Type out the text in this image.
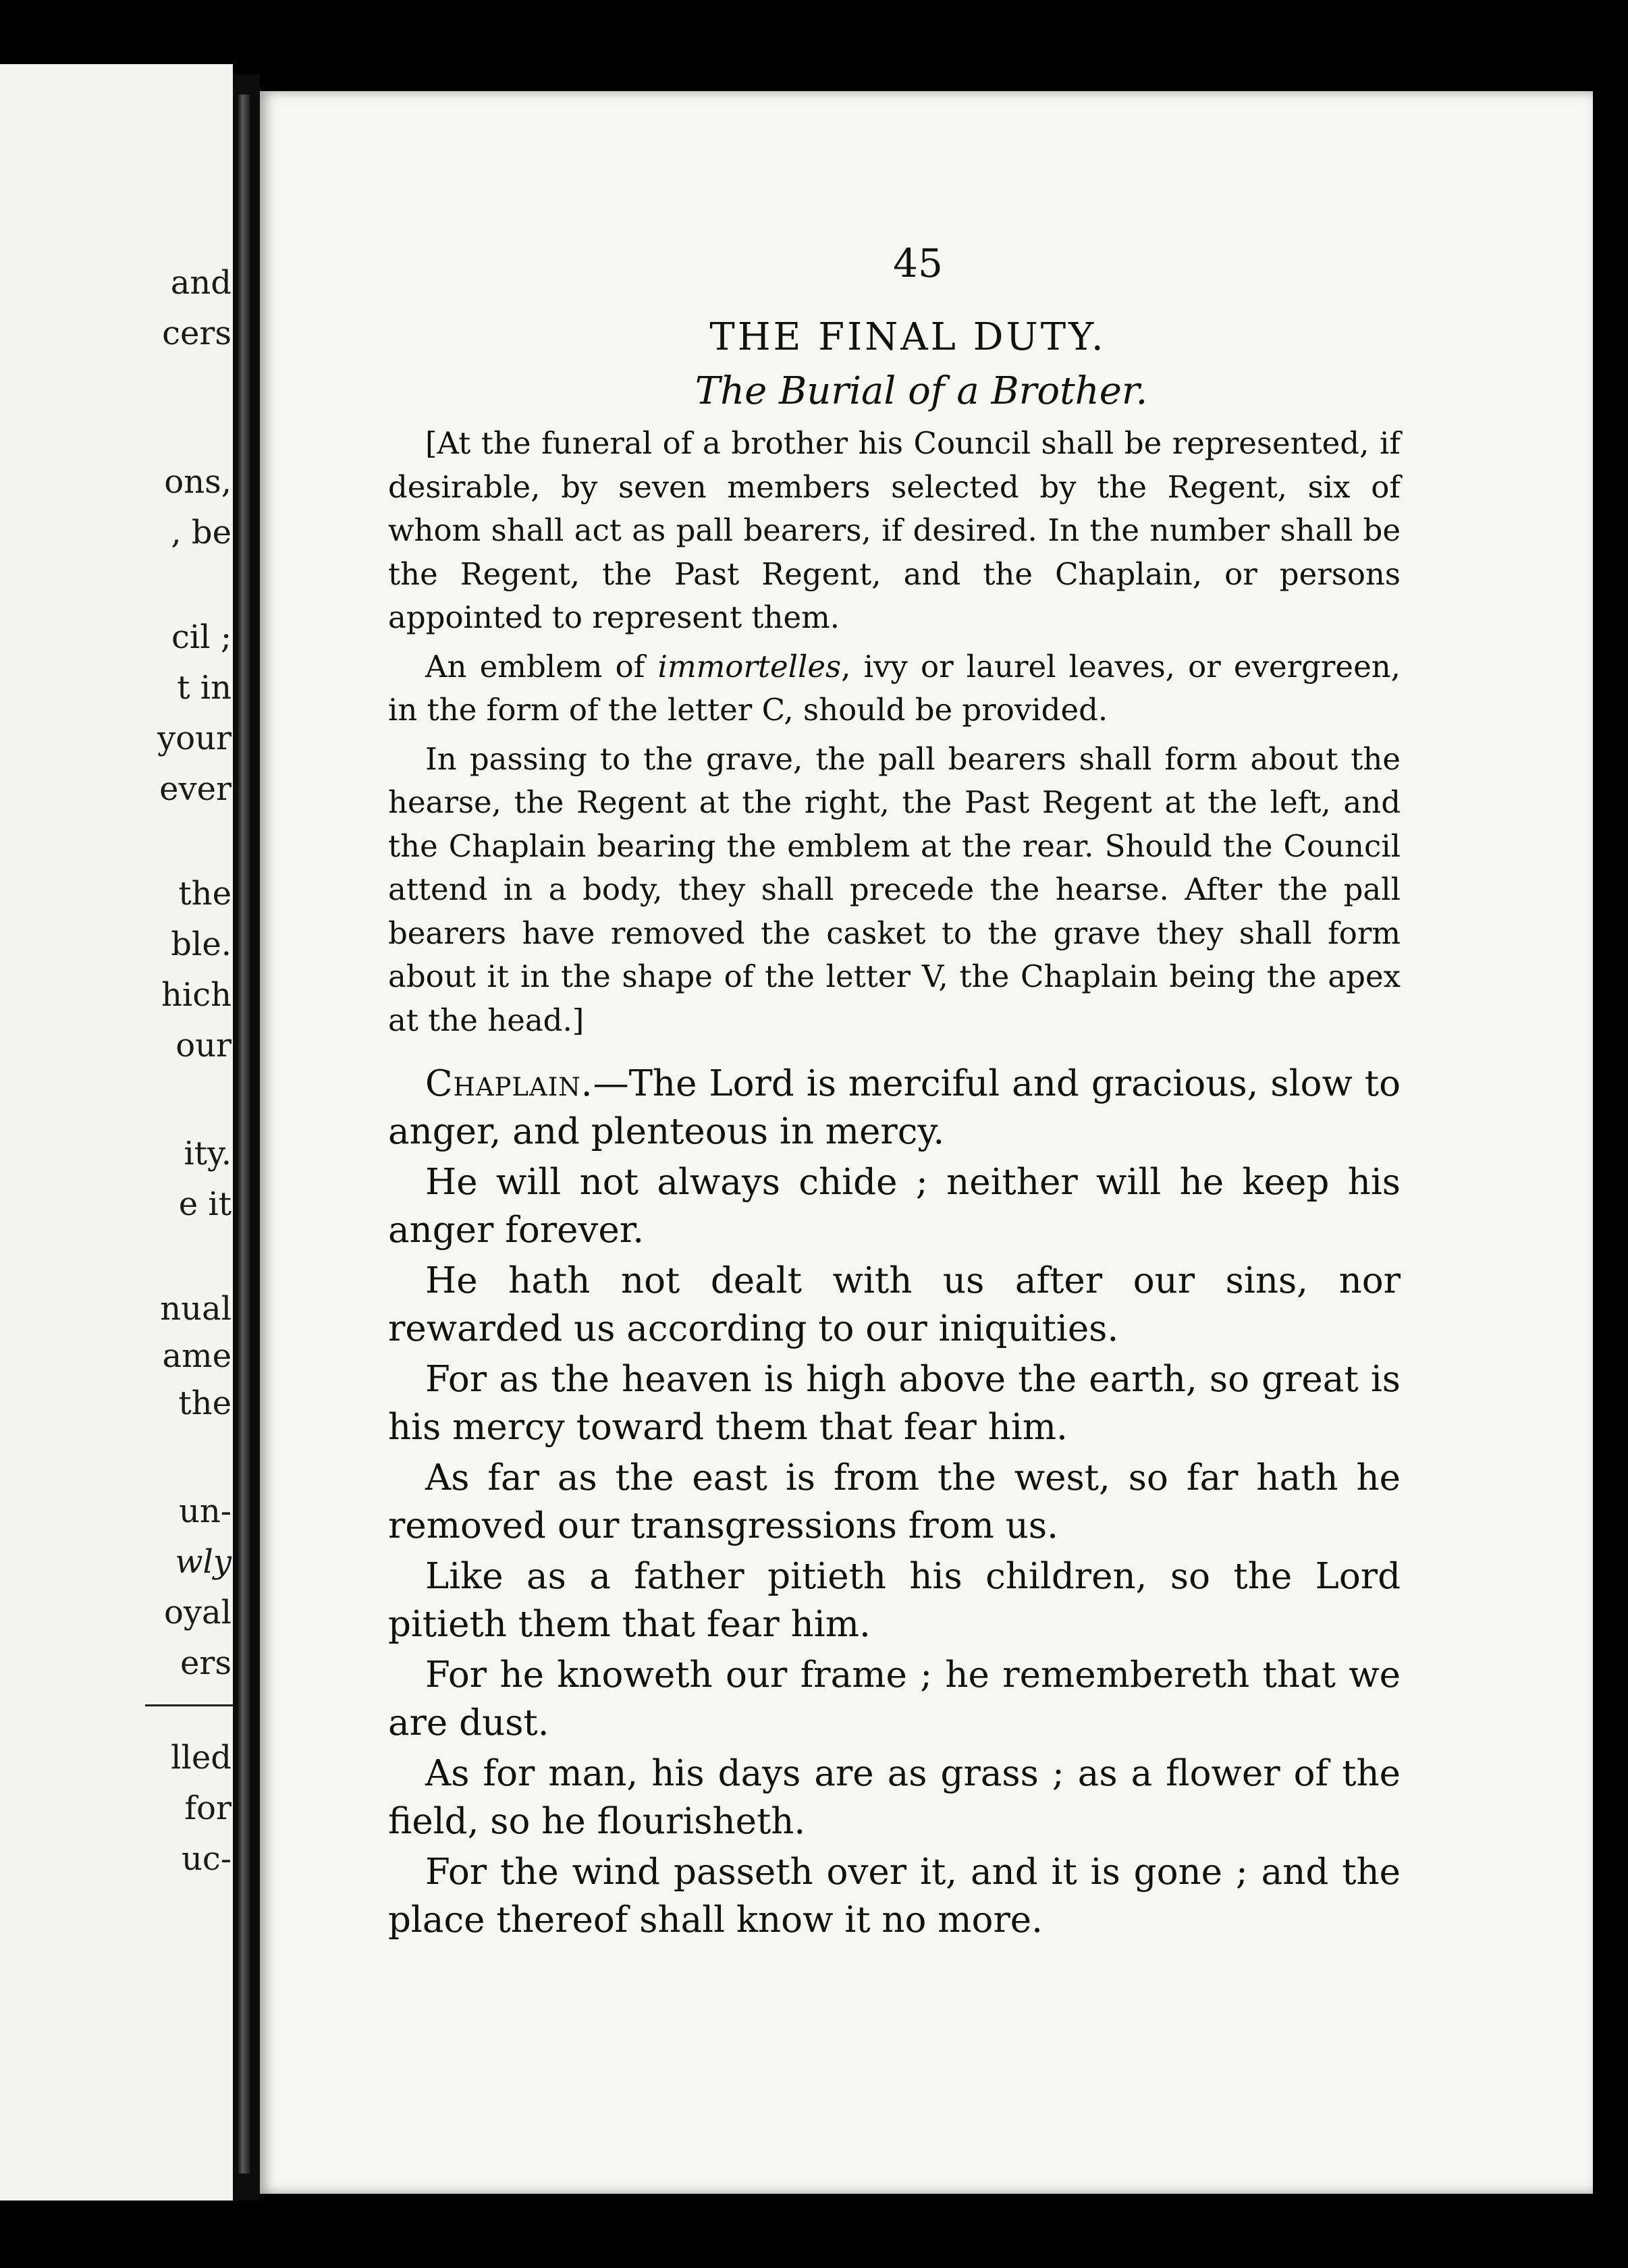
and
cers
ons,
, be
cil ;
t in
your
ever
the
ble.
hich
our
ity.
e it
nual
ame
the
un-
wly
oyal
ers
lled
for
uc-
45
THE FINAL DUTY.
The Burial of a Brother.

[At the funeral of a brother his Council shall be represented, if desirable, by seven members selected by the Regent, six of whom shall act as pall bearers, if desired. In the number shall be the Regent, the Past Regent, and the Chaplain, or persons appointed to represent them.

An emblem of immortelles, ivy or laurel leaves, or evergreen, in the form of the letter C, should be provided.

In passing to the grave, the pall bearers shall form about the hearse, the Regent at the right, the Past Regent at the left, and the Chaplain bearing the emblem at the rear. Should the Council attend in a body, they shall precede the hearse. After the pall bearers have removed the casket to the grave they shall form about it in the shape of the letter V, the Chaplain being the apex at the head.]

Chaplain.—The Lord is merciful and gracious, slow to anger, and plenteous in mercy.

He will not always chide ; neither will he keep his anger forever.

He hath not dealt with us after our sins, nor rewarded us according to our iniquities.

For as the heaven is high above the earth, so great is his mercy toward them that fear him.

As far as the east is from the west, so far hath he removed our transgressions from us.

Like as a father pitieth his children, so the Lord pitieth them that fear him.

For he knoweth our frame ; he remembereth that we are dust.

As for man, his days are as grass ; as a flower of the field, so he flourisheth.

For the wind passeth over it, and it is gone ; and the place thereof shall know it no more.
